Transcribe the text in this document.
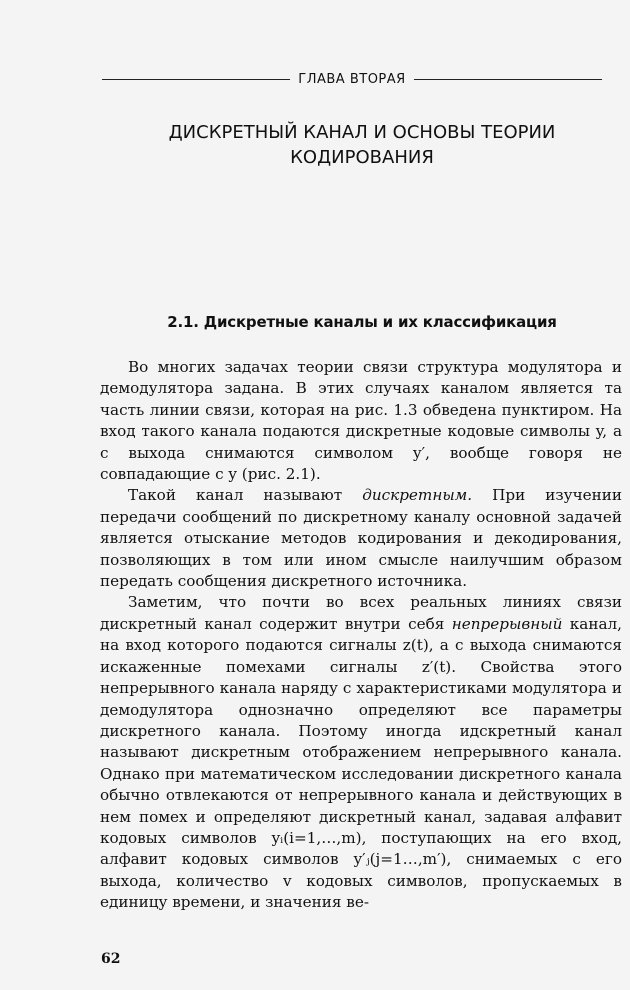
ГЛАВА ВТОРАЯ
ДИСКРЕТНЫЙ КАНАЛ И ОСНОВЫ ТЕОРИИ
КОДИРОВАНИЯ
2.1. Дискретные каналы и их классификация

Во многих задачах теории связи структура модулятора и демодулятора задана. В этих случаях каналом является та часть линии связи, которая на рис. 1.3 обведена пунктиром. На вход такого канала подаются дискретные кодовые символы y, а с выхода снимаются символом y′, вообще говоря не совпадающие с y (рис. 2.1).

Такой канал называют дискретным. При изучении передачи сообщений по дискретному каналу основной задачей является отыскание методов кодирования и декодирования, позволяющих в том или ином смысле наилучшим образом передать сообщения дискретного источника.

Заметим, что почти во всех реальных линиях связи дискретный канал содержит внутри себя непрерывный канал, на вход которого подаются сигналы z(t), а с выхода снимаются искаженные помехами сигналы z′(t). Свойства этого непрерывного канала наряду с характеристиками модулятора и демодулятора однозначно определяют все параметры дискретного канала. Поэтому иногда идскретный канал называют дискретным отображением непрерывного канала. Однако при математическом исследовании дискретного канала обычно отвлекаются от непрерывного канала и действующих в нем помех и определяют дискретный канал, задавая алфавит кодовых символов yᵢ(i=1,…,m), поступающих на его вход, алфавит кодовых символов y′ⱼ(j=1…,m′), снимаемых с его выхода, количество v кодовых символов, пропускаемых в единицу времени, и значения ве-

62
